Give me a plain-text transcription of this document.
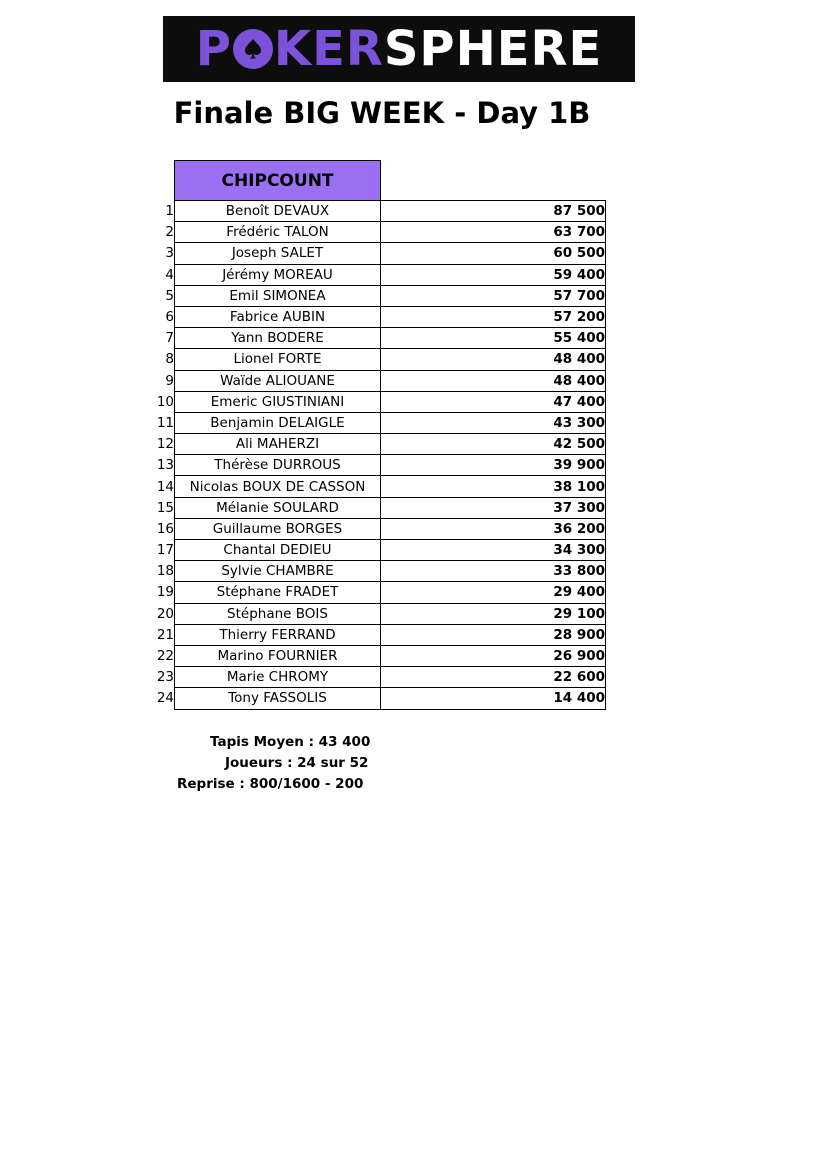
P KER SPHERE
Finale BIG WEEK - Day 1B
CHIPCOUNT
1	Benoît DEVAUX	87 500
2	Frédéric TALON	63 700
3	Joseph SALET	60 500
4	Jérémy MOREAU	59 400
5	Emil SIMONEA	57 700
6	Fabrice AUBIN	57 200
7	Yann BODERE	55 400
8	Lionel FORTE	48 400
9	Waïde ALIOUANE	48 400
10	Emeric GIUSTINIANI	47 400
11	Benjamin DELAIGLE	43 300
12	Ali MAHERZI	42 500
13	Thérèse DURROUS	39 900
14	Nicolas BOUX DE CASSON	38 100
15	Mélanie SOULARD	37 300
16	Guillaume BORGES	36 200
17	Chantal DEDIEU	34 300
18	Sylvie CHAMBRE	33 800
19	Stéphane FRADET	29 400
20	Stéphane BOIS	29 100
21	Thierry FERRAND	28 900
22	Marino FOURNIER	26 900
23	Marie CHROMY	22 600
24	Tony FASSOLIS	14 400
Tapis Moyen : 43 400
Joueurs : 24 sur 52
Reprise : 800/1600 - 200
